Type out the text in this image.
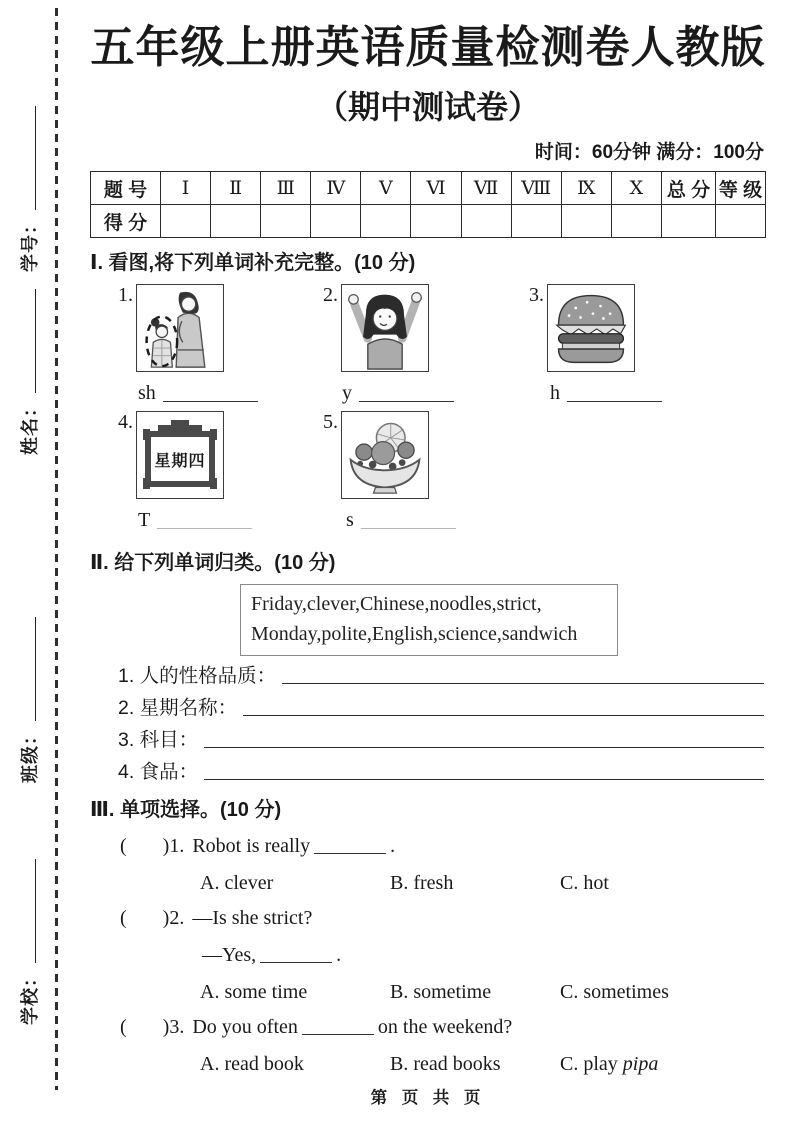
学号：
姓名：
班级：
学校：
五年级上册英语质量检测卷人教版
（期中测试卷）
时间：60分钟 满分：100分
题 号	Ⅰ	Ⅱ	Ⅲ	Ⅳ	Ⅴ	Ⅵ	Ⅶ	Ⅷ	Ⅸ	Ⅹ	总 分	等 级
得 分												
Ⅰ. 看图,将下列单词补充完整。(10 分)
1.	2.	3.
sh	y	h
4.
星期四
5.
T	s
Ⅱ. 给下列单词归类。(10 分)
Friday,clever,Chinese,noodles,strict,
Monday,polite,English,science,sandwich
1. 人的性格品质：
2. 星期名称：
3. 科目：
4. 食品：
Ⅲ. 单项选择。(10 分)
( )1. Robot is really	.
A. clever	B. fresh	C. hot
( )2. —Is she strict?
—Yes,	.
A. some time	B. sometime	C. sometimes
( )3. Do you often	on the weekend?
A. read book	B. read books	C. play pipa
第 页 共 页
